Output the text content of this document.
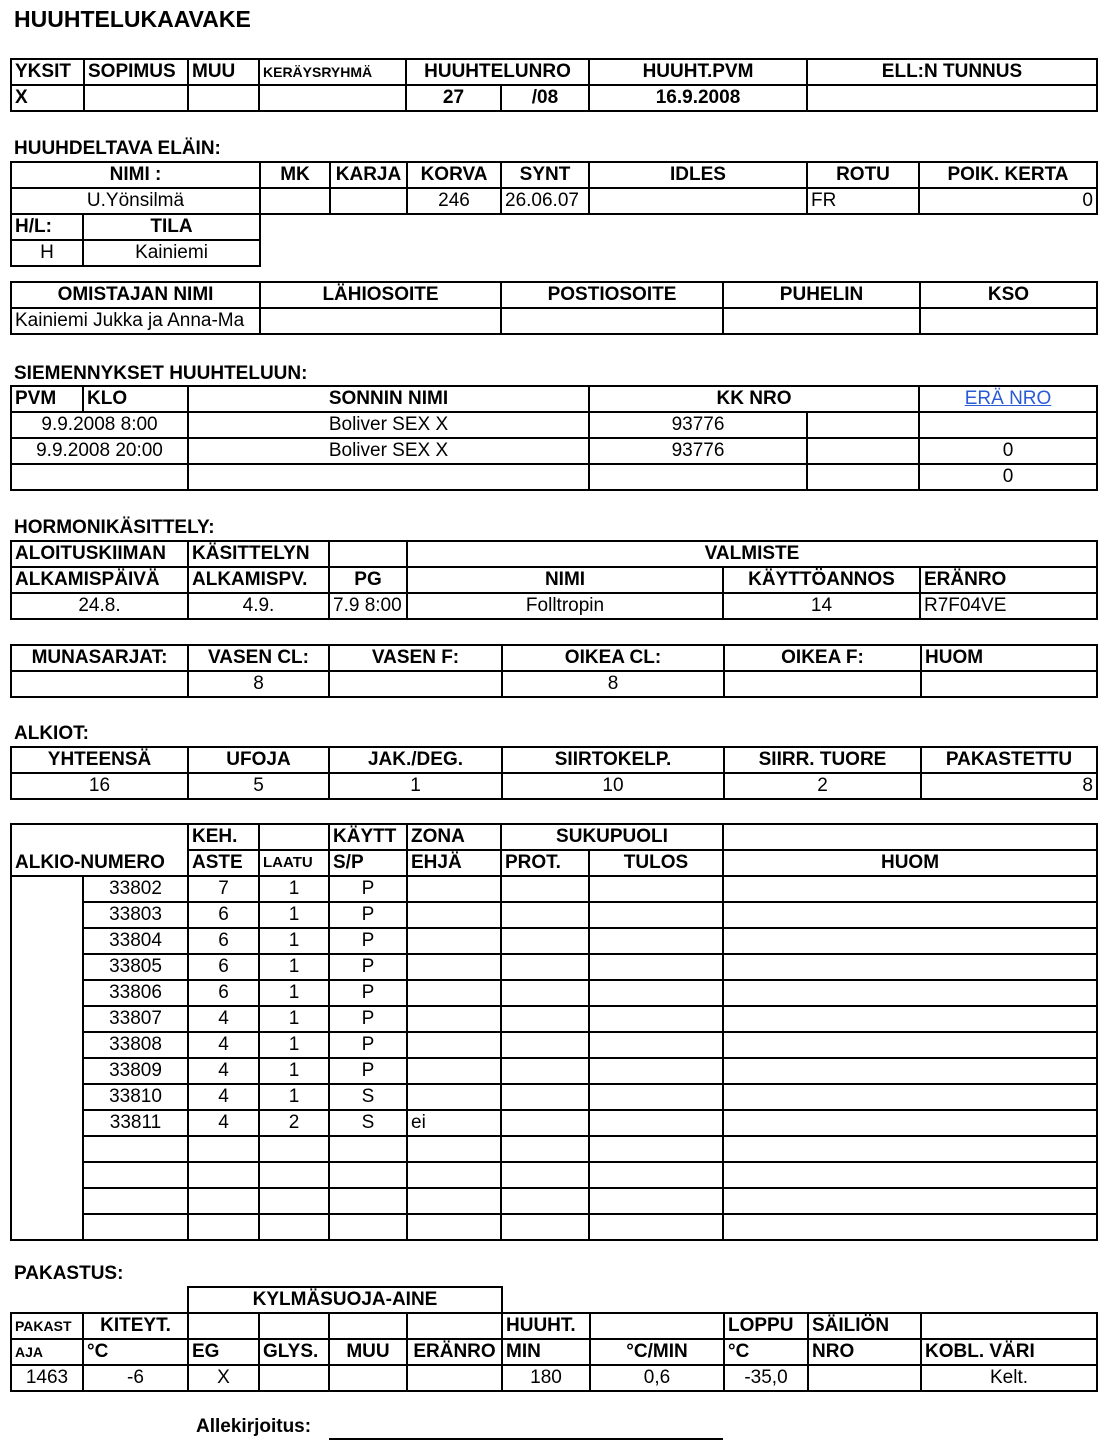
HUUHTELUKAAVAKE
YKSIT	SOPIMUS	MUU	KERÄYSRYHMÄ	HUUHTELUNRO		HUUHT.PVM	ELL:N TUNNUS
X				27	/08	16.9.2008	
HUUHDELTAVA ELÄIN:
NIMI :	MK	KARJA	KORVA	SYNT	IDLES	ROTU	POIK. KERTA
U.Yönsilmä			246	26.06.07		FR	0
H/L:	TILA
H	Kainiemi
OMISTAJAN NIMI	LÄHIOSOITE	POSTIOSOITE	PUHELIN	KSO
Kainiemi Jukka ja Anna-Ma				
SIEMENNYKSET HUUHTELUUN:
PVM	KLO	SONNIN NIMI	KK NRO		ERÄ NRO
9.9.2008 8:00		Boliver SEX X	93776		
9.9.2008 20:00		Boliver SEX X	93776		0
					0
HORMONIKÄSITTELY:
ALOITUSKIIMAN	KÄSITTELYN		VALMISTE		
ALKAMISPÄIVÄ	ALKAMISPV.	PG	NIMI	KÄYTTÖANNOS	ERÄNRO
24.8.	4.9.	7.9 8:00	Folltropin	14	R7F04VE
MUNASARJAT:	VASEN CL:	VASEN F:	OIKEA CL:	OIKEA F:	HUOM
	8		8		
ALKIOT:
YHTEENSÄ	UFOJA	JAK./DEG.	SIIRTOKELP.	SIIRR. TUORE	PAKASTETTU
16	5	1	10	2	8
		KEH.		KÄYTT	ZONA	SUKUPUOLI		
ALKIO-NUMERO		ASTE	LAATU	S/P	EHJÄ	PROT.	TULOS	HUOM
	33802	7	1	P				
	33803	6	1	P				
	33804	6	1	P				
	33805	6	1	P				
	33806	6	1	P				
	33807	4	1	P				
	33808	4	1	P				
	33809	4	1	P				
	33810	4	1	S				
	33811	4	2	S	ei			

PAKASTUS:
KYLMÄSUOJA-AINE
PAKAST	KITEYT.					HUUHT.		LOPPU	SÄILIÖN	
AJA	°C	EG	GLYS.	MUU	ERÄNRO	MIN	°C/MIN	°C	NRO	KOBL. VÄRI
1463	-6	X				180	0,6	-35,0		Kelt.
Allekirjoitus:
